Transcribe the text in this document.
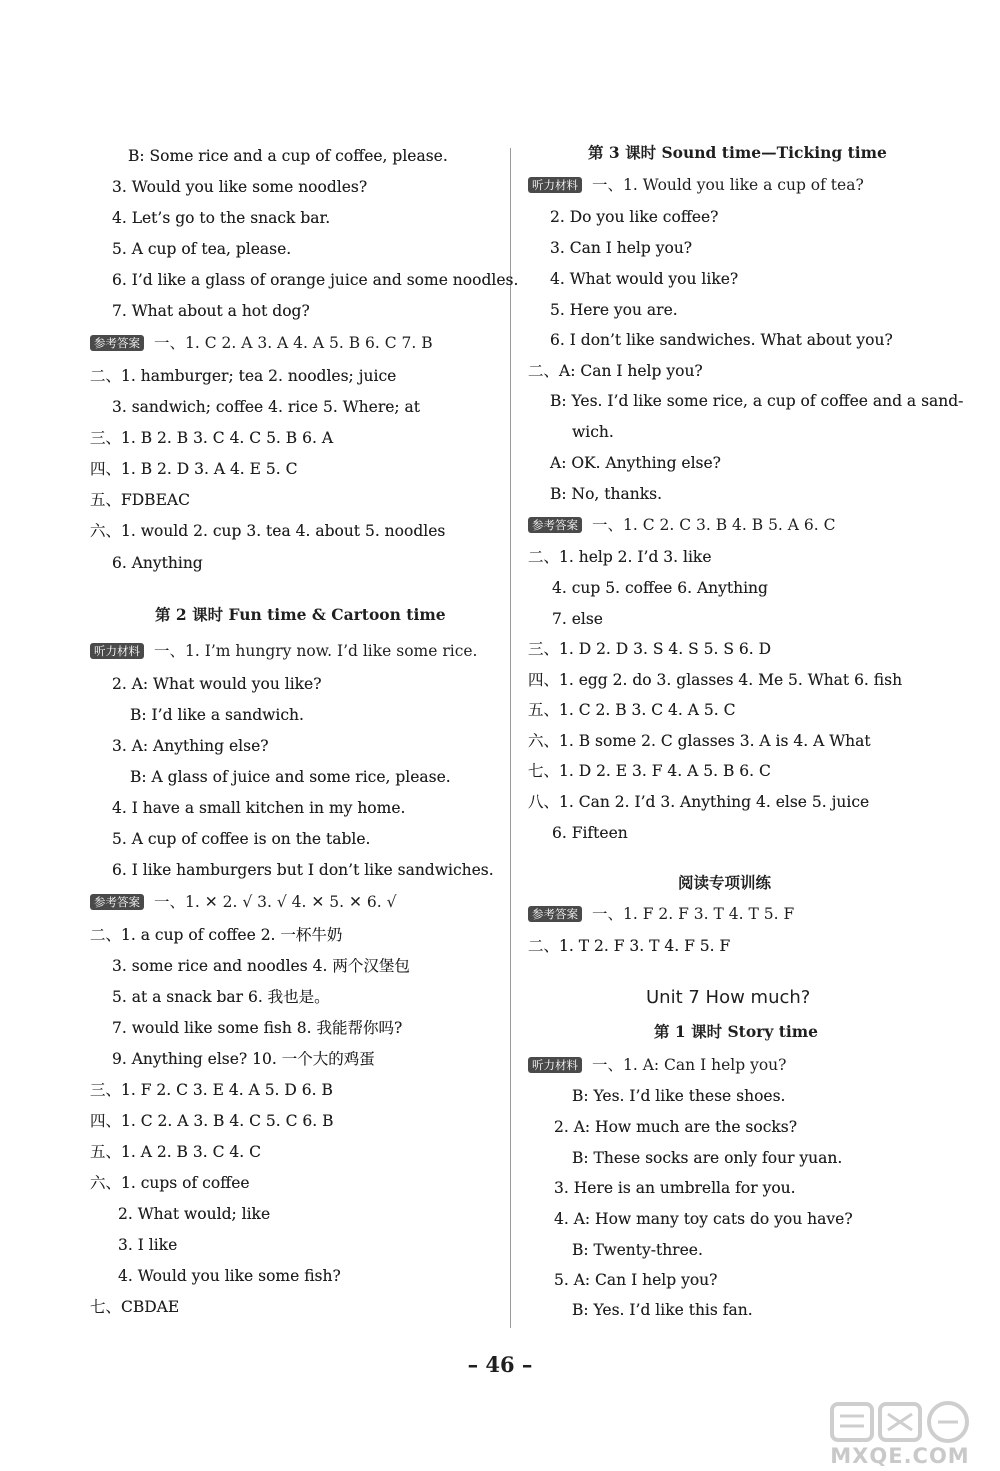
B: Some rice and a cup of coffee, please.
3. Would you like some noodles?
4. Let’s go to the snack bar.
5. A cup of tea, please.
6. I’d like a glass of orange juice and some noodles.
7. What about a hot dog?
参考答案 一、1. C 2. A 3. A 4. A 5. B 6. C 7. B
二、1. hamburger; tea 2. noodles; juice
3. sandwich; coffee 4. rice 5. Where; at
三、1. B 2. B 3. C 4. C 5. B 6. A
四、1. B 2. D 3. A 4. E 5. C
五、FDBEAC
六、1. would 2. cup 3. tea 4. about 5. noodles
6. Anything
第 2 课时 Fun time & Cartoon time
听力材料 一、1. I’m hungry now. I’d like some rice.
2. A: What would you like?
B: I’d like a sandwich.
3. A: Anything else?
B: A glass of juice and some rice, please.
4. I have a small kitchen in my home.
5. A cup of coffee is on the table.
6. I like hamburgers but I don’t like sandwiches.
参考答案 一、1. ✕ 2. √ 3. √ 4. ✕ 5. ✕ 6. √
二、1. a cup of coffee 2. 一杯牛奶
3. some rice and noodles 4. 两个汉堡包
5. at a snack bar 6. 我也是。
7. would like some fish 8. 我能帮你吗?
9. Anything else? 10. 一个大的鸡蛋
三、1. F 2. C 3. E 4. A 5. D 6. B
四、1. C 2. A 3. B 4. C 5. C 6. B
五、1. A 2. B 3. C 4. C
六、1. cups of coffee
2. What would; like
3. I like
4. Would you like some fish?
七、CBDAE
第 3 课时 Sound time—Ticking time
听力材料 一、1. Would you like a cup of tea?
2. Do you like coffee?
3. Can I help you?
4. What would you like?
5. Here you are.
6. I don’t like sandwiches. What about you?
二、A: Can I help you?
B: Yes. I’d like some rice, a cup of coffee and a sand-
wich.
A: OK. Anything else?
B: No, thanks.
参考答案 一、1. C 2. C 3. B 4. B 5. A 6. C
二、1. help 2. I’d 3. like
4. cup 5. coffee 6. Anything
7. else
三、1. D 2. D 3. S 4. S 5. S 6. D
四、1. egg 2. do 3. glasses 4. Me 5. What 6. fish
五、1. C 2. B 3. C 4. A 5. C
六、1. B some 2. C glasses 3. A is 4. A What
七、1. D 2. E 3. F 4. A 5. B 6. C
八、1. Can 2. I’d 3. Anything 4. else 5. juice
6. Fifteen
阅读专项训练
参考答案 一、1. F 2. F 3. T 4. T 5. F
二、1. T 2. F 3. T 4. F 5. F
Unit 7 How much?
第 1 课时 Story time
听力材料 一、1. A: Can I help you?
B: Yes. I’d like these shoes.
2. A: How much are the socks?
B: These socks are only four yuan.
3. Here is an umbrella for you.
4. A: How many toy cats do you have?
B: Twenty-three.
5. A: Can I help you?
B: Yes. I’d like this fan.
– 46 –
MXQE.COM
